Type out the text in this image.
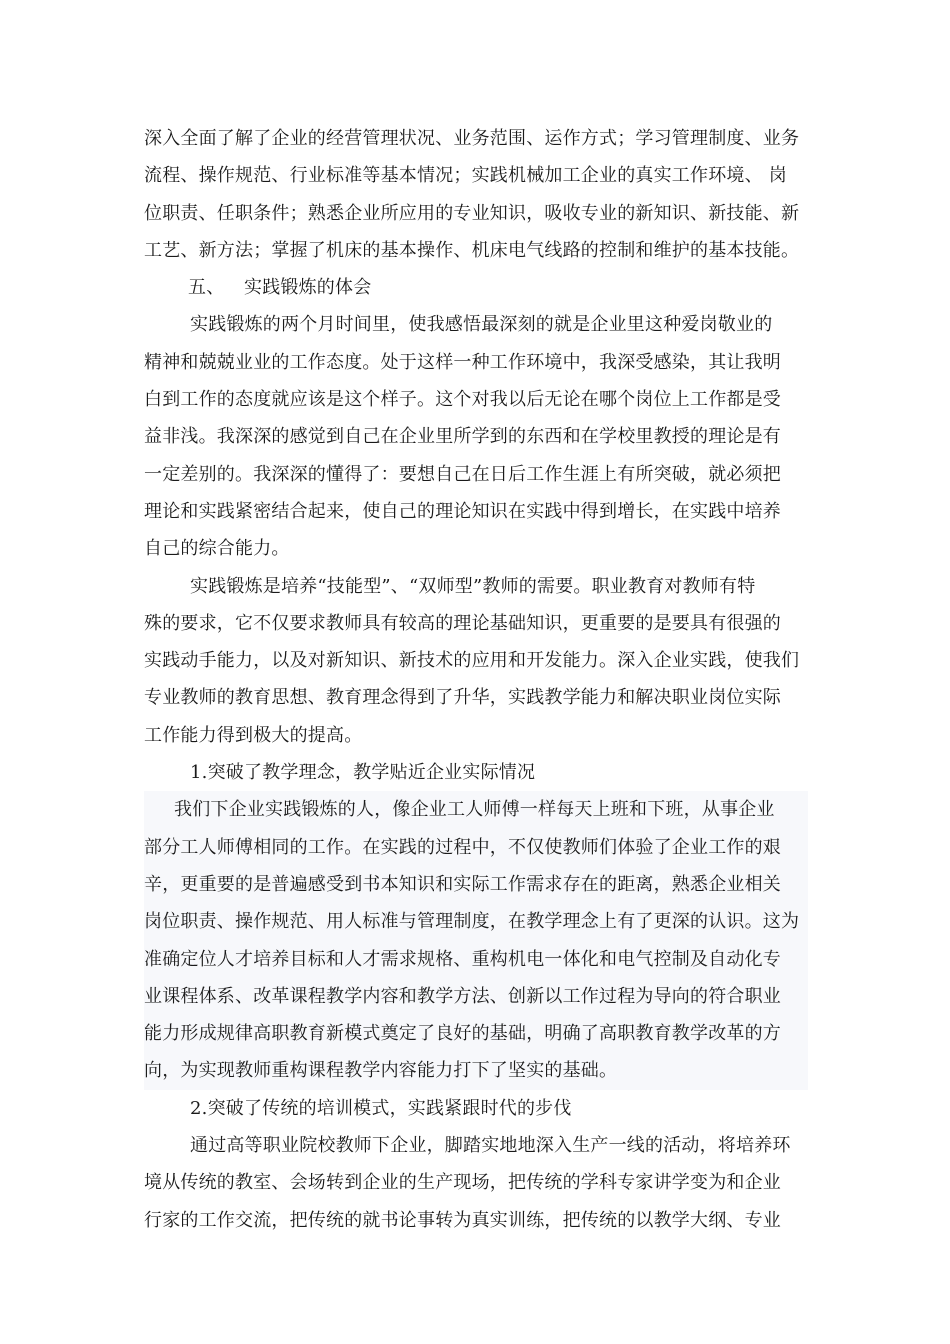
深入全面了解了企业的经营管理状况、业务范围、运作方式；学习管理制度、业务
流程、操作规范、行业标准等基本情况；实践机械加工企业的真实工作环境、 岗
位职责、任职条件；熟悉企业所应用的专业知识，吸收专业的新知识、新技能、新
工艺、新方法；掌握了机床的基本操作、机床电气线路的控制和维护的基本技能。
五、 实践锻炼的体会
实践锻炼的两个月时间里，使我感悟最深刻的就是企业里这种爱岗敬业的
精神和兢兢业业的工作态度。处于这样一种工作环境中，我深受感染，其让我明
白到工作的态度就应该是这个样子。这个对我以后无论在哪个岗位上工作都是受
益非浅。我深深的感觉到自己在企业里所学到的东西和在学校里教授的理论是有
一定差别的。我深深的懂得了：要想自己在日后工作生涯上有所突破，就必须把
理论和实践紧密结合起来，使自己的理论知识在实践中得到增长，在实践中培养
自己的综合能力。
实践锻炼是培养“技能型”、“双师型”教师的需要。职业教育对教师有特
殊的要求，它不仅要求教师具有较高的理论基础知识，更重要的是要具有很强的
实践动手能力，以及对新知识、新技术的应用和开发能力。深入企业实践，使我们
专业教师的教育思想、教育理念得到了升华，实践教学能力和解决职业岗位实际
工作能力得到极大的提高。
1.突破了教学理念，教学贴近企业实际情况
我们下企业实践锻炼的人，像企业工人师傅一样每天上班和下班，从事企业
部分工人师傅相同的工作。在实践的过程中，不仅使教师们体验了企业工作的艰
辛，更重要的是普遍感受到书本知识和实际工作需求存在的距离，熟悉企业相关
岗位职责、操作规范、用人标准与管理制度，在教学理念上有了更深的认识。这为
准确定位人才培养目标和人才需求规格、重构机电一体化和电气控制及自动化专
业课程体系、改革课程教学内容和教学方法、创新以工作过程为导向的符合职业
能力形成规律高职教育新模式奠定了良好的基础，明确了高职教育教学改革的方
向，为实现教师重构课程教学内容能力打下了坚实的基础。
2.突破了传统的培训模式，实践紧跟时代的步伐
通过高等职业院校教师下企业，脚踏实地地深入生产一线的活动，将培养环
境从传统的教室、会场转到企业的生产现场，把传统的学科专家讲学变为和企业
行家的工作交流，把传统的就书论事转为真实训练，把传统的以教学大纲、专业
